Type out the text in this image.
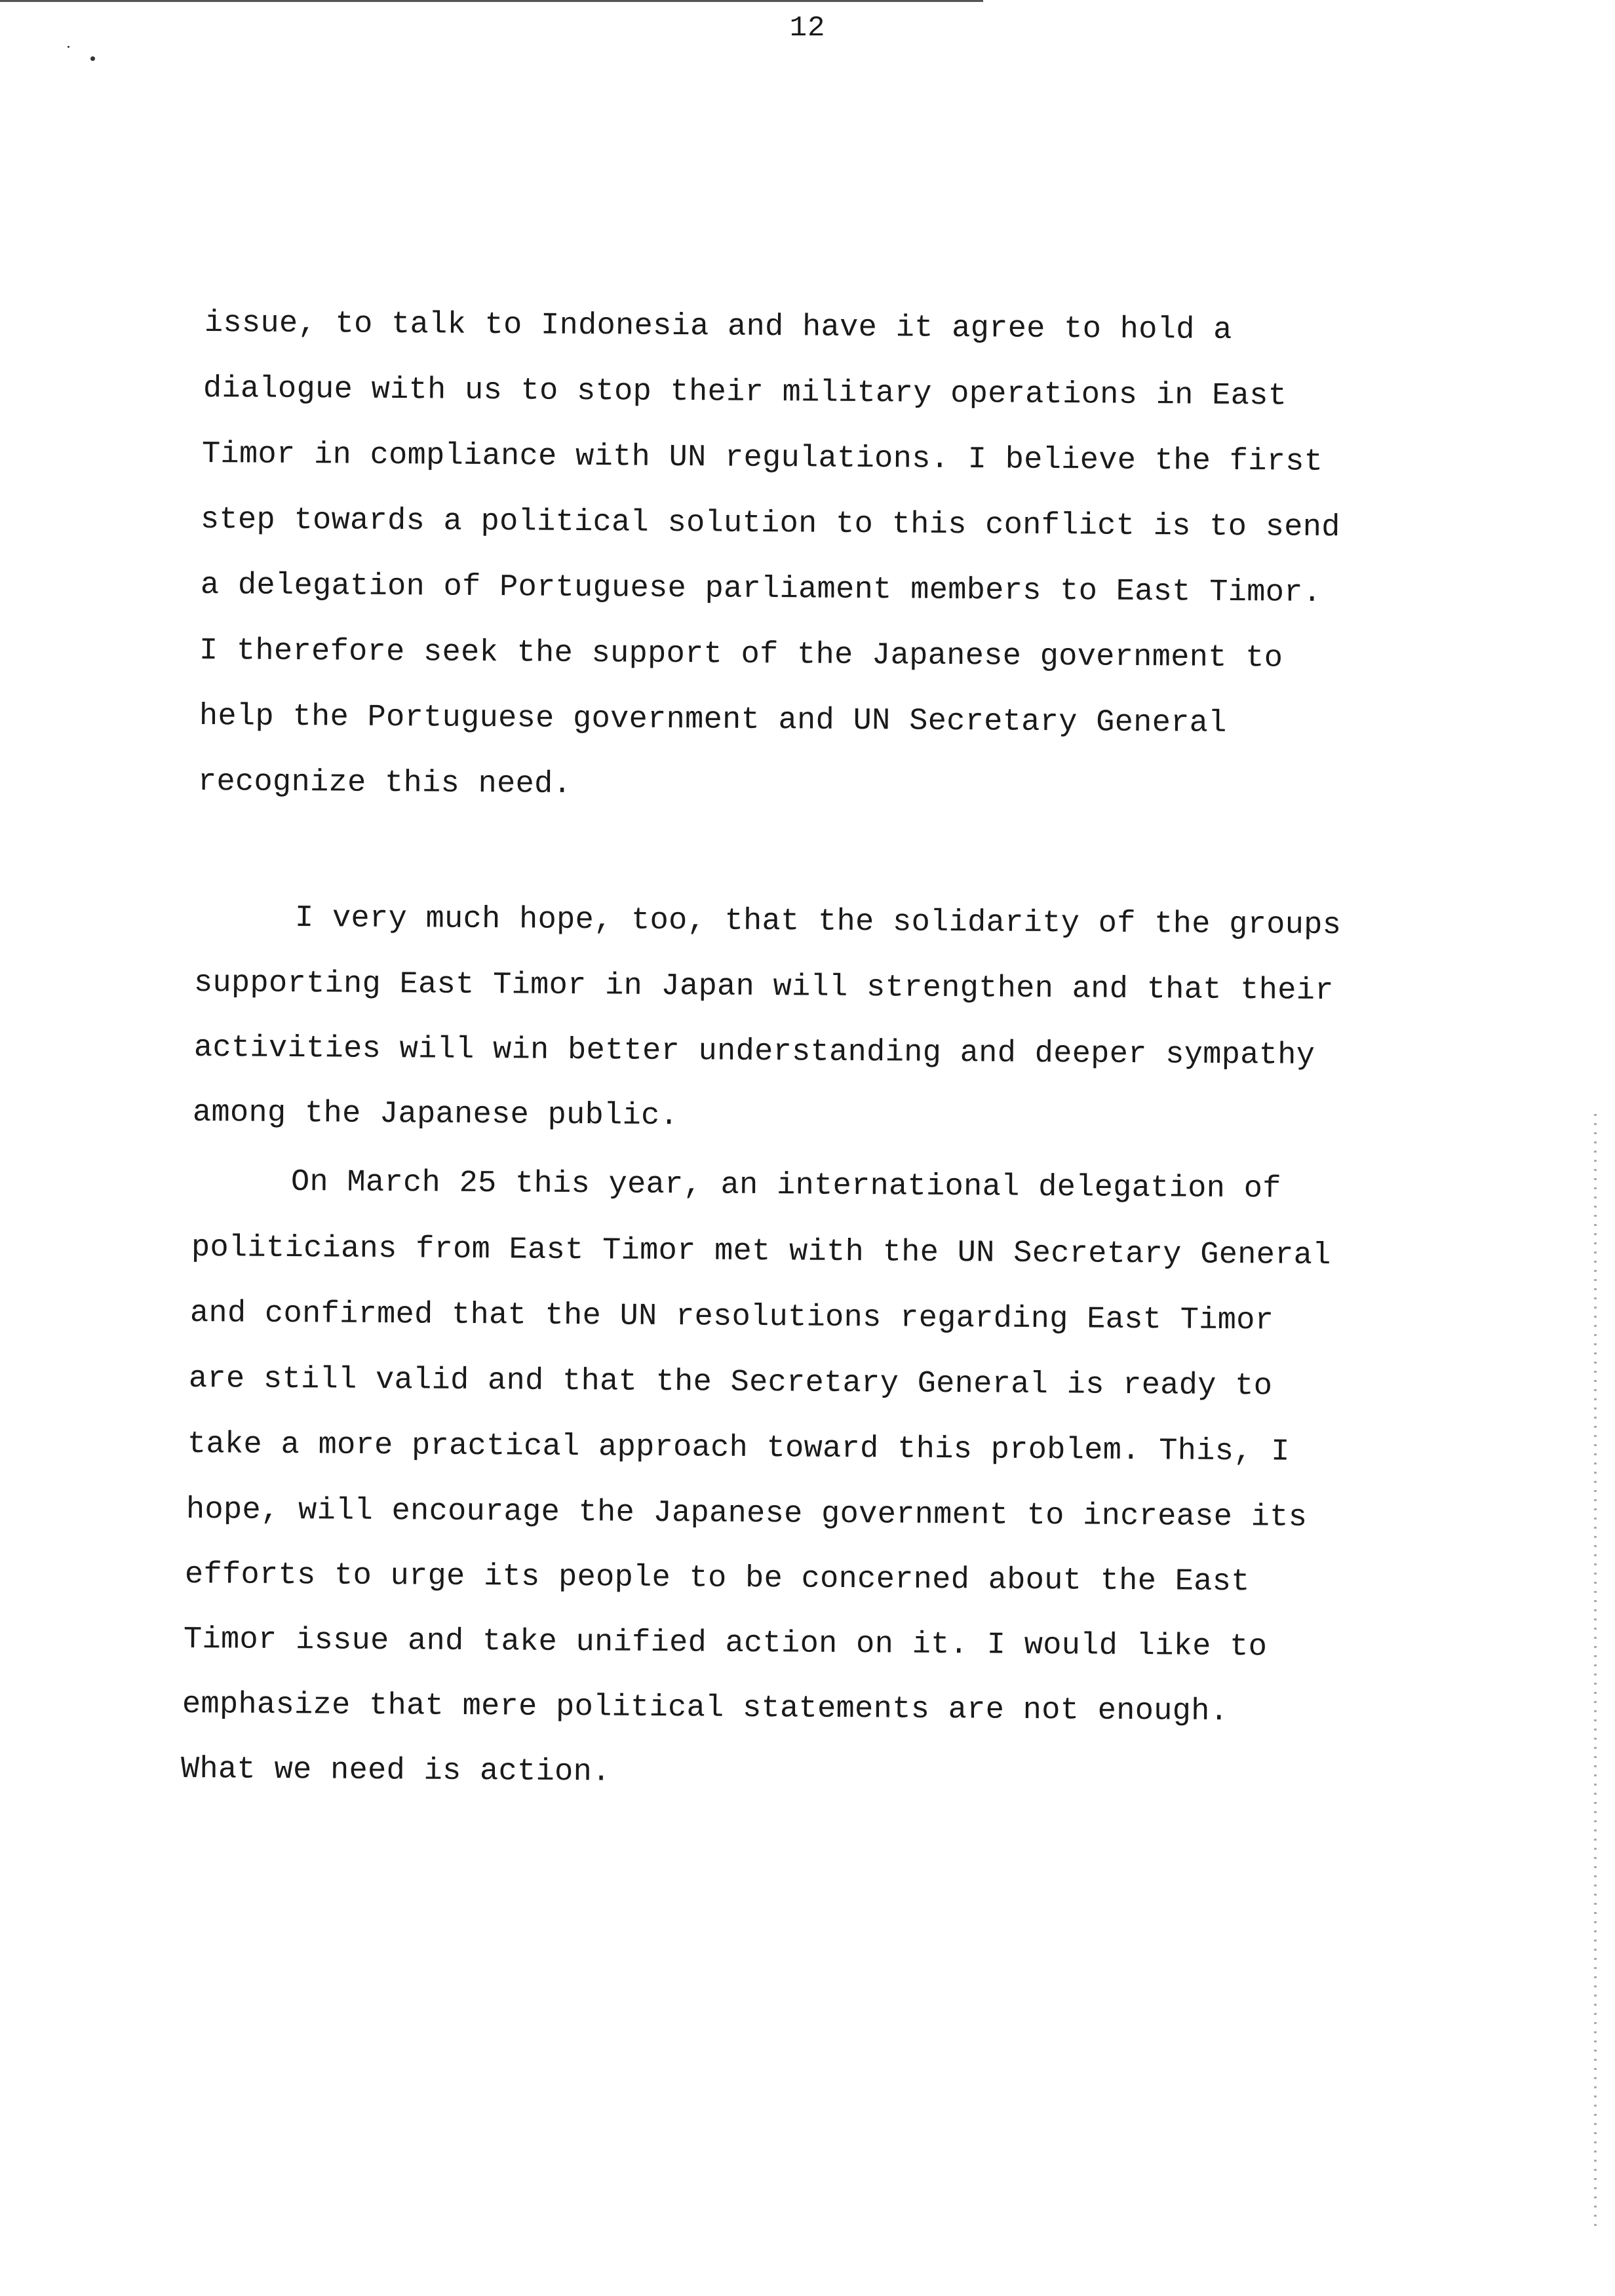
12
issue, to talk to Indonesia and have it agree to hold a
dialogue with us to stop their military operations in East
Timor in compliance with UN regulations. I believe the first
step towards a political solution to this conflict is to send
a delegation of Portuguese parliament members to East Timor.
I therefore seek the support of the Japanese government to
help the Portuguese government and UN Secretary General
recognize this need.
I very much hope, too, that the solidarity of the groups
supporting East Timor in Japan will strengthen and that their
activities will win better understanding and deeper sympathy
among the Japanese public.
On March 25 this year, an international delegation of
politicians from East Timor met with the UN Secretary General
and confirmed that the UN resolutions regarding East Timor
are still valid and that the Secretary General is ready to
take a more practical approach toward this problem. This, I
hope, will encourage the Japanese government to increase its
efforts to urge its people to be concerned about the East
Timor issue and take unified action on it. I would like to
emphasize that mere political statements are not enough.
What we need is action.
